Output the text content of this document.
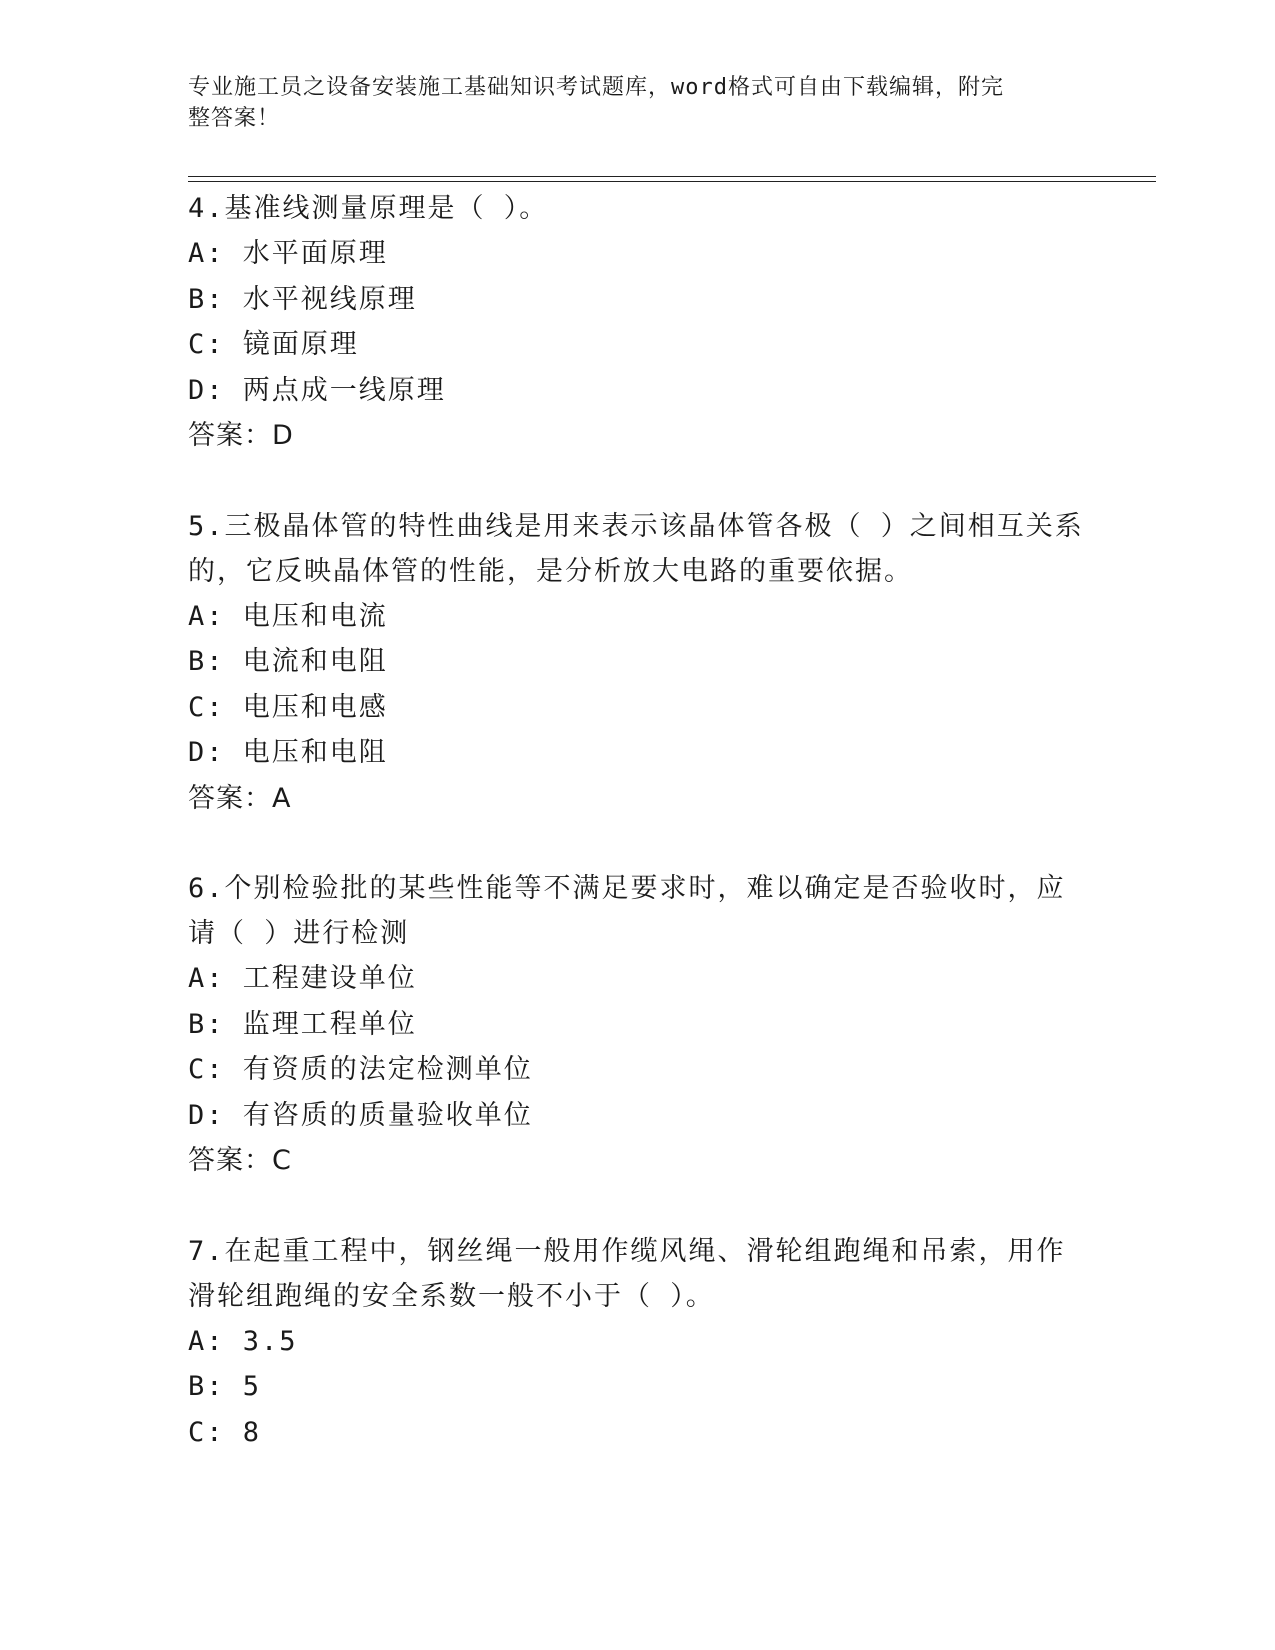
专业施工员之设备安装施工基础知识考试题库，word格式可自由下载编辑，附完
整答案！

4.基准线测量原理是（ ）。

A: 水平面原理

B: 水平视线原理

C: 镜面原理

D: 两点成一线原理

答案：D

5.三极晶体管的特性曲线是用来表示该晶体管各极（ ）之间相互关系

的，它反映晶体管的性能，是分析放大电路的重要依据。

A: 电压和电流

B: 电流和电阻

C: 电压和电感

D: 电压和电阻

答案：A

6.个别检验批的某些性能等不满足要求时，难以确定是否验收时，应

请（ ）进行检测

A: 工程建设单位

B: 监理工程单位

C: 有资质的法定检测单位

D: 有咨质的质量验收单位

答案：C

7.在起重工程中，钢丝绳一般用作缆风绳、滑轮组跑绳和吊索，用作

滑轮组跑绳的安全系数一般不小于（ ）。

A: 3.5

B: 5

C: 8
